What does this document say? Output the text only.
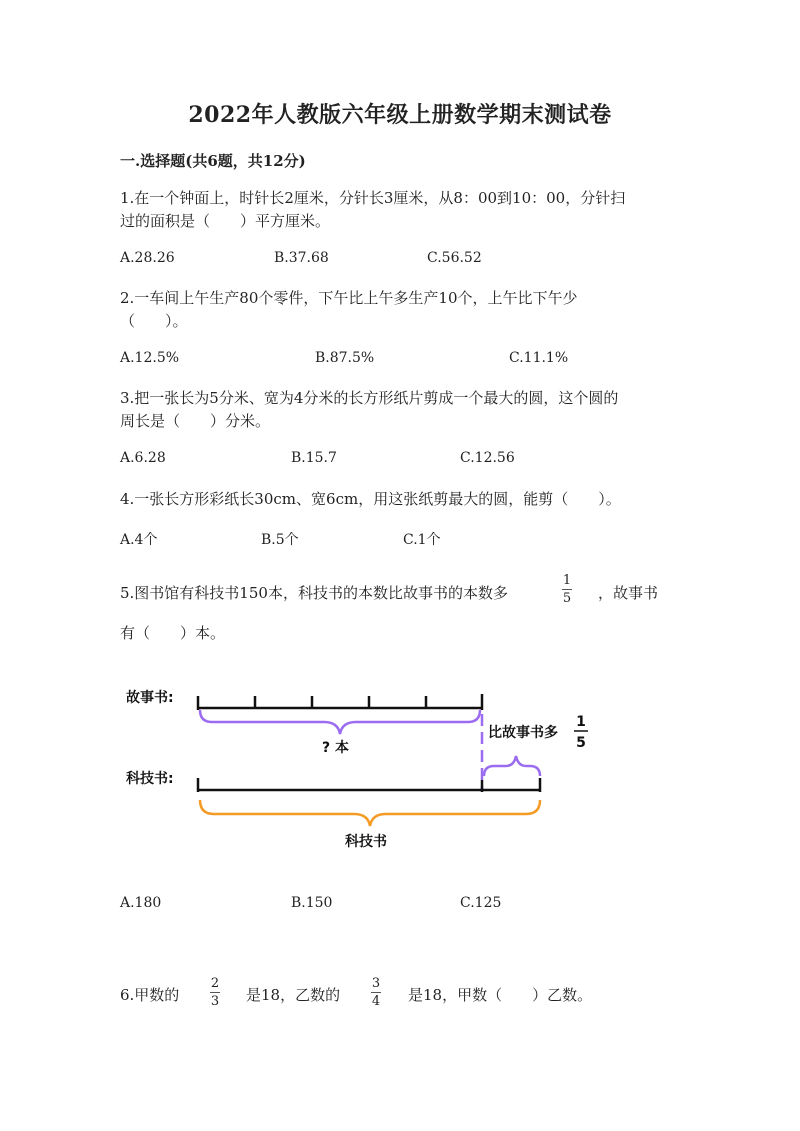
2022年人教版六年级上册数学期末测试卷
一.选择题(共6题，共12分)
1.在一个钟面上，时针长2厘米，分针长3厘米，从8：00到10：00，分针扫
过的面积是（　　）平方厘米。
A.28.26	B.37.68	C.56.52
2.一车间上午生产80个零件，下午比上午多生产10个，上午比下午少
（　　）。
A.12.5%	B.87.5%	C.11.1%
3.把一张长为5分米、宽为4分米的长方形纸片剪成一个最大的圆，这个圆的
周长是（　　）分米。
A.6.28	B.15.7	C.12.56
4.一张长方形彩纸长30cm、宽6cm，用这张纸剪最大的圆，能剪（　　）。
A.4个	B.5个	C.1个
5.图书馆有科技书150本，科技书的本数比故事书的本数多	$\frac{1}{5}$ ，故事书
有（　　）本。
故事书:
科技书:
? 本
比故事书多
1
5
科技书
A.180	B.150	C.125
6.甲数的 $\frac{2}{3}$ 是18，乙数的 $\frac{3}{4}$ 是18，甲数（　　）乙数。
